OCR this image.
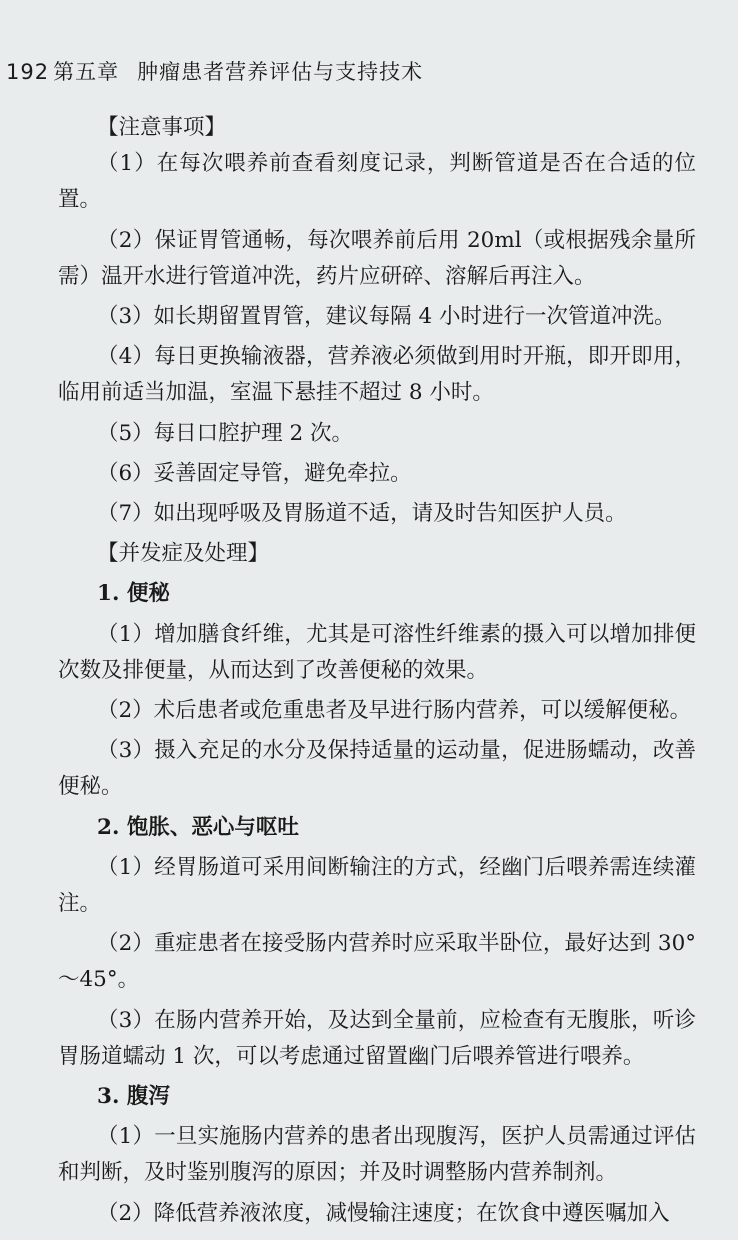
192 第五章 肿瘤患者营养评估与支持技术
【注意事项】
（1）在每次喂养前查看刻度记录，判断管道是否在合适的位置。
（2）保证胃管通畅，每次喂养前后用 20ml（或根据残余量所需）温开水进行管道冲洗，药片应研碎、溶解后再注入。
（3）如长期留置胃管，建议每隔 4 小时进行一次管道冲洗。
（4）每日更换输液器，营养液必须做到用时开瓶，即开即用，临用前适当加温，室温下悬挂不超过 8 小时。
（5）每日口腔护理 2 次。
（6）妥善固定导管，避免牵拉。
（7）如出现呼吸及胃肠道不适，请及时告知医护人员。
【并发症及处理】
1. 便秘
（1）增加膳食纤维，尤其是可溶性纤维素的摄入可以增加排便次数及排便量，从而达到了改善便秘的效果。
（2）术后患者或危重患者及早进行肠内营养，可以缓解便秘。
（3）摄入充足的水分及保持适量的运动量，促进肠蠕动，改善便秘。
2. 饱胀、恶心与呕吐
（1）经胃肠道可采用间断输注的方式，经幽门后喂养需连续灌注。
（2）重症患者在接受肠内营养时应采取半卧位，最好达到 30°～45°。
（3）在肠内营养开始，及达到全量前，应检查有无腹胀，听诊胃肠道蠕动 1 次，可以考虑通过留置幽门后喂养管进行喂养。
3. 腹泻
（1）一旦实施肠内营养的患者出现腹泻，医护人员需通过评估和判断，及时鉴别腹泻的原因；并及时调整肠内营养制剂。
（2）降低营养液浓度，减慢输注速度；在饮食中遵医嘱加入
